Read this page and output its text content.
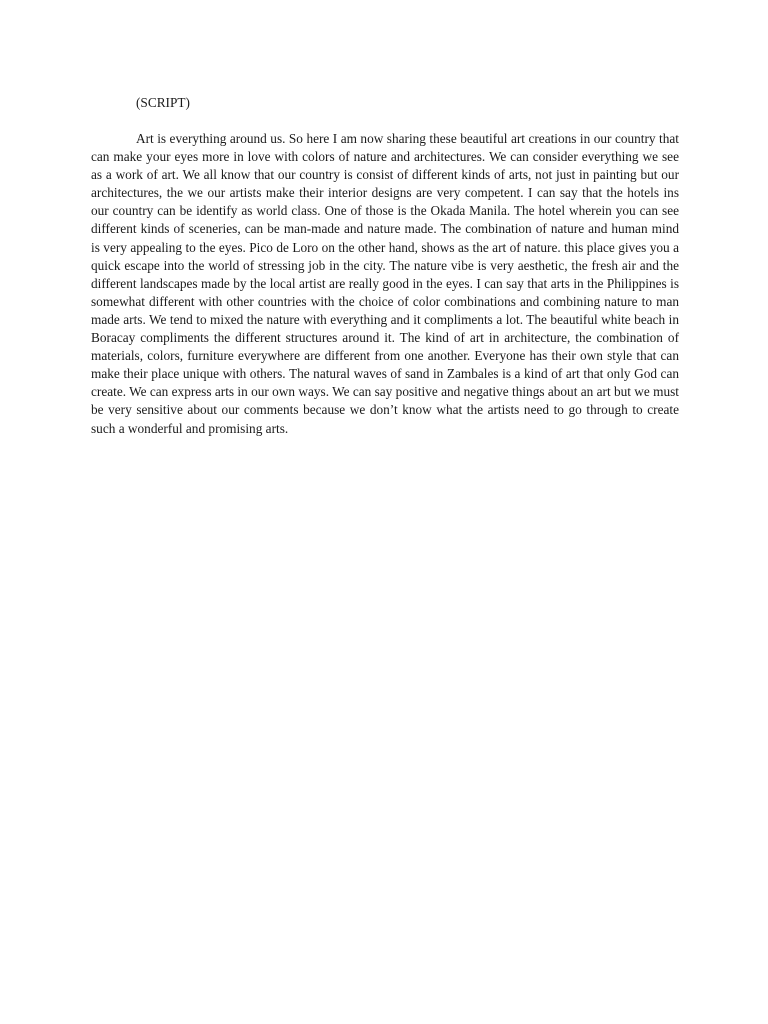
(SCRIPT)

Art is everything around us. So here I am now sharing these beautiful art creations in our country that can make your eyes more in love with colors of nature and architectures. We can consider everything we see as a work of art. We all know that our country is consist of different kinds of arts, not just in painting but our architectures, the we our artists make their interior designs are very competent. I can say that the hotels ins our country can be identify as world class. One of those is the Okada Manila. The hotel wherein you can see different kinds of sceneries, can be man-made and nature made. The combination of nature and human mind is very appealing to the eyes. Pico de Loro on the other hand, shows as the art of nature. this place gives you a quick escape into the world of stressing job in the city. The nature vibe is very aesthetic, the fresh air and the different landscapes made by the local artist are really good in the eyes. I can say that arts in the Philippines is somewhat different with other countries with the choice of color combinations and combining nature to man made arts. We tend to mixed the nature with everything and it compliments a lot. The beautiful white beach in Boracay compliments the different structures around it. The kind of art in architecture, the combination of materials, colors, furniture everywhere are different from one another. Everyone has their own style that can make their place unique with others. The natural waves of sand in Zambales is a kind of art that only God can create. We can express arts in our own ways. We can say positive and negative things about an art but we must be very sensitive about our comments because we don’t know what the artists need to go through to create such a wonderful and promising arts.
